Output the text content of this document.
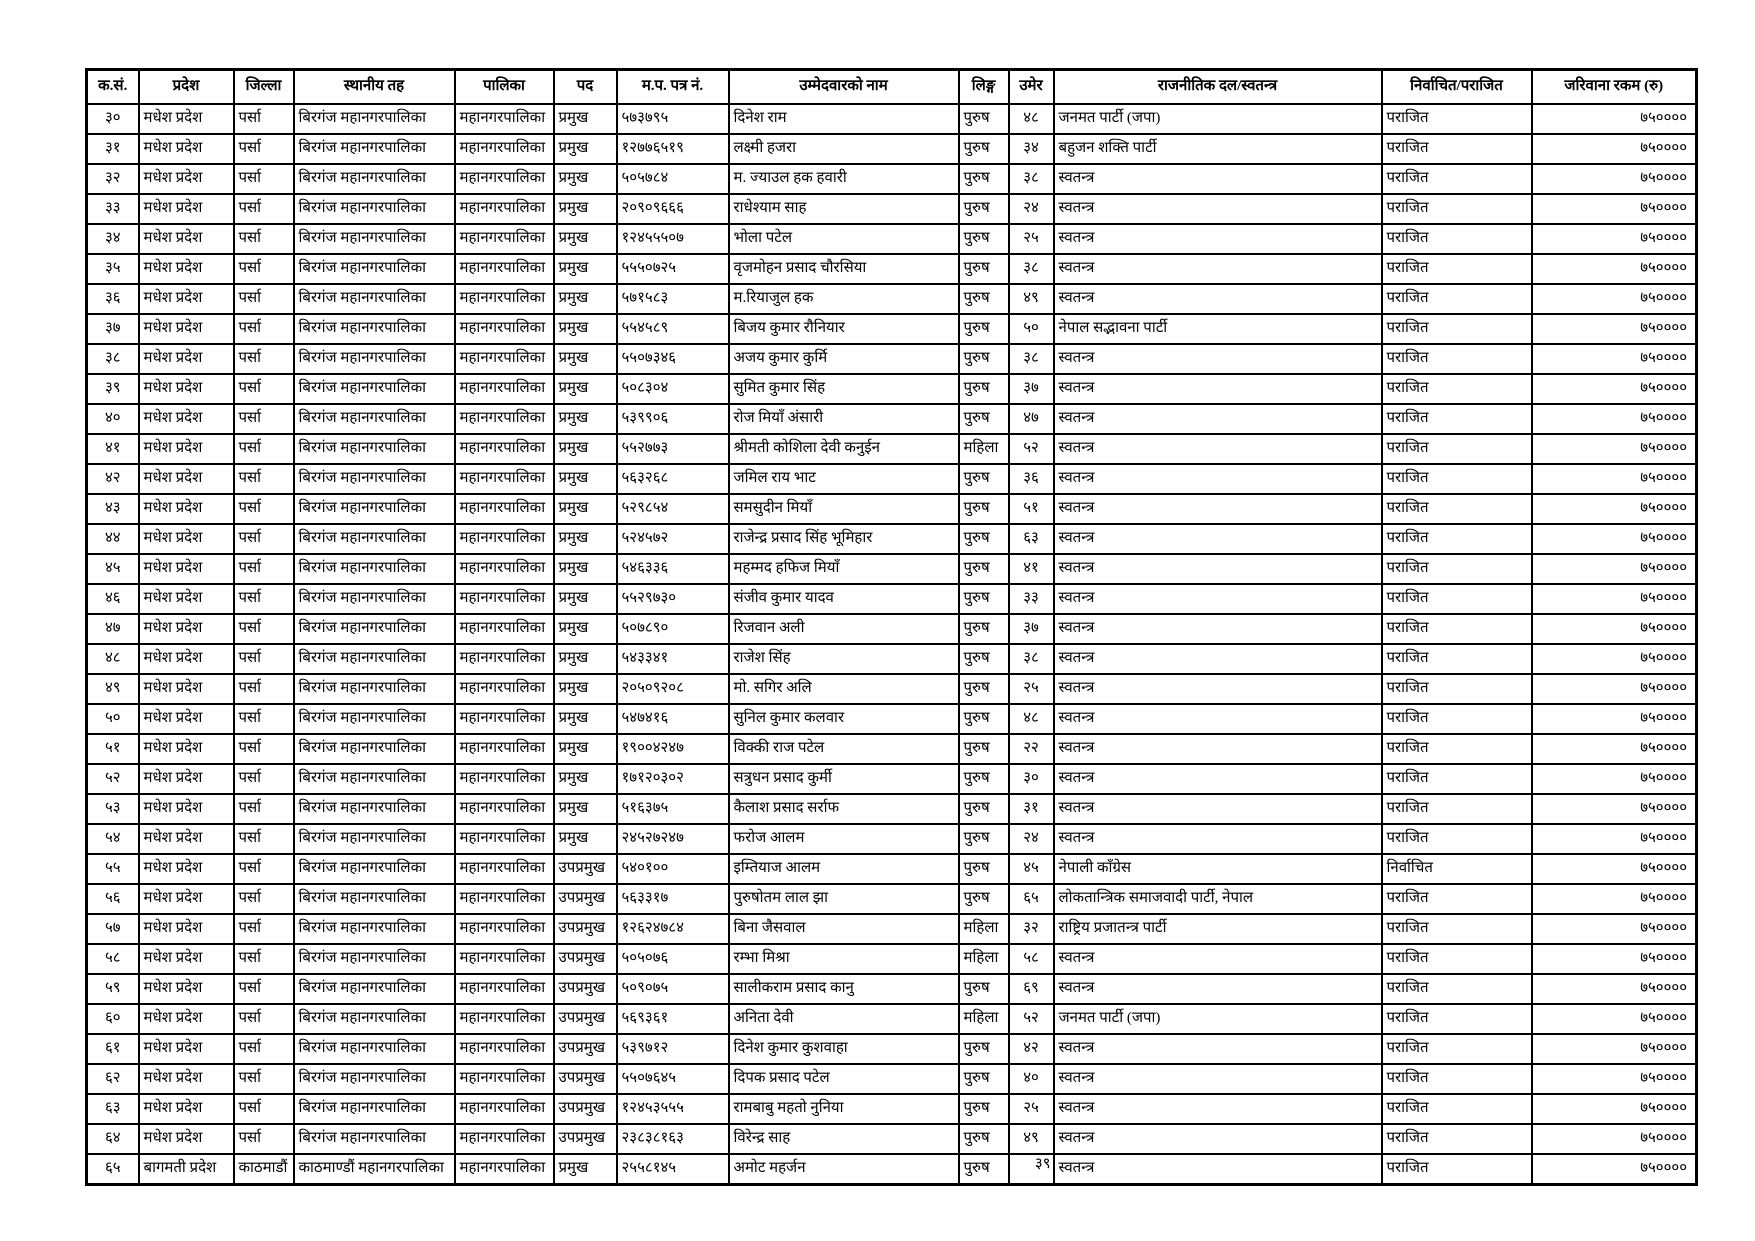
क.सं.	प्रदेश	जिल्ला	स्थानीय तह	पालिका	पद	म.प. पत्र नं.	उम्मेदवारको नाम	लिङ्ग	उमेर	राजनीतिक दल/स्वतन्त्र	निर्वाचित/पराजित	जरिवाना रकम (रु)
३०	मधेश प्रदेश	पर्सा	बिरगंज महानगरपालिका	महानगरपालिका	प्रमुख	५७३७९५	दिनेश राम	पुरुष	४८	जनमत पार्टी (जपा)	पराजित	७५००००
३१	मधेश प्रदेश	पर्सा	बिरगंज महानगरपालिका	महानगरपालिका	प्रमुख	१२७७६५१९	लक्ष्मी हजरा	पुरुष	३४	बहुजन शक्ति पार्टी	पराजित	७५००००
३२	मधेश प्रदेश	पर्सा	बिरगंज महानगरपालिका	महानगरपालिका	प्रमुख	५०५७८४	म. ज्याउल हक हवारी	पुरुष	३८	स्वतन्त्र	पराजित	७५००००
३३	मधेश प्रदेश	पर्सा	बिरगंज महानगरपालिका	महानगरपालिका	प्रमुख	२०९०९६६६	राधेश्याम साह	पुरुष	२४	स्वतन्त्र	पराजित	७५००००
३४	मधेश प्रदेश	पर्सा	बिरगंज महानगरपालिका	महानगरपालिका	प्रमुख	१२४५५५०७	भोला पटेल	पुरुष	२५	स्वतन्त्र	पराजित	७५००००
३५	मधेश प्रदेश	पर्सा	बिरगंज महानगरपालिका	महानगरपालिका	प्रमुख	५५५०७२५	वृजमोहन प्रसाद चौरसिया	पुरुष	३८	स्वतन्त्र	पराजित	७५००००
३६	मधेश प्रदेश	पर्सा	बिरगंज महानगरपालिका	महानगरपालिका	प्रमुख	५७१५८३	म.रियाजुल हक	पुरुष	४९	स्वतन्त्र	पराजित	७५००००
३७	मधेश प्रदेश	पर्सा	बिरगंज महानगरपालिका	महानगरपालिका	प्रमुख	५५४५८९	बिजय कुमार रौनियार	पुरुष	५०	नेपाल सद्भावना पार्टी	पराजित	७५००००
३८	मधेश प्रदेश	पर्सा	बिरगंज महानगरपालिका	महानगरपालिका	प्रमुख	५५०७३४६	अजय कुमार कुर्मि	पुरुष	३८	स्वतन्त्र	पराजित	७५००००
३९	मधेश प्रदेश	पर्सा	बिरगंज महानगरपालिका	महानगरपालिका	प्रमुख	५०८३०४	सुमित कुमार सिंह	पुरुष	३७	स्वतन्त्र	पराजित	७५००००
४०	मधेश प्रदेश	पर्सा	बिरगंज महानगरपालिका	महानगरपालिका	प्रमुख	५३९९०६	रोज मियाँ अंसारी	पुरुष	४७	स्वतन्त्र	पराजित	७५००००
४१	मधेश प्रदेश	पर्सा	बिरगंज महानगरपालिका	महानगरपालिका	प्रमुख	५५२७७३	श्रीमती कोशिला देवी कनुईन	महिला	५२	स्वतन्त्र	पराजित	७५००००
४२	मधेश प्रदेश	पर्सा	बिरगंज महानगरपालिका	महानगरपालिका	प्रमुख	५६३२६८	जमिल राय भाट	पुरुष	३६	स्वतन्त्र	पराजित	७५००००
४३	मधेश प्रदेश	पर्सा	बिरगंज महानगरपालिका	महानगरपालिका	प्रमुख	५२९८५४	समसुदीन मियाँ	पुरुष	५१	स्वतन्त्र	पराजित	७५००००
४४	मधेश प्रदेश	पर्सा	बिरगंज महानगरपालिका	महानगरपालिका	प्रमुख	५२४५७२	राजेन्द्र प्रसाद सिंह भूमिहार	पुरुष	६३	स्वतन्त्र	पराजित	७५००००
४५	मधेश प्रदेश	पर्सा	बिरगंज महानगरपालिका	महानगरपालिका	प्रमुख	५४६३३६	महम्मद हफिज मियाँ	पुरुष	४१	स्वतन्त्र	पराजित	७५००००
४६	मधेश प्रदेश	पर्सा	बिरगंज महानगरपालिका	महानगरपालिका	प्रमुख	५५२९७३०	संजीव कुमार यादव	पुरुष	३३	स्वतन्त्र	पराजित	७५००००
४७	मधेश प्रदेश	पर्सा	बिरगंज महानगरपालिका	महानगरपालिका	प्रमुख	५०७८९०	रिजवान अली	पुरुष	३७	स्वतन्त्र	पराजित	७५००००
४८	मधेश प्रदेश	पर्सा	बिरगंज महानगरपालिका	महानगरपालिका	प्रमुख	५४३३४१	राजेश सिंह	पुरुष	३८	स्वतन्त्र	पराजित	७५००००
४९	मधेश प्रदेश	पर्सा	बिरगंज महानगरपालिका	महानगरपालिका	प्रमुख	२०५०९२०८	मो. सगिर अलि	पुरुष	२५	स्वतन्त्र	पराजित	७५००००
५०	मधेश प्रदेश	पर्सा	बिरगंज महानगरपालिका	महानगरपालिका	प्रमुख	५४७४१६	सुनिल कुमार कलवार	पुरुष	४८	स्वतन्त्र	पराजित	७५००००
५१	मधेश प्रदेश	पर्सा	बिरगंज महानगरपालिका	महानगरपालिका	प्रमुख	१९००४२४७	विक्की राज पटेल	पुरुष	२२	स्वतन्त्र	पराजित	७५००००
५२	मधेश प्रदेश	पर्सा	बिरगंज महानगरपालिका	महानगरपालिका	प्रमुख	१७१२०३०२	सत्रुधन प्रसाद कुर्मी	पुरुष	३०	स्वतन्त्र	पराजित	७५००००
५३	मधेश प्रदेश	पर्सा	बिरगंज महानगरपालिका	महानगरपालिका	प्रमुख	५१६३७५	कैलाश प्रसाद सर्राफ	पुरुष	३१	स्वतन्त्र	पराजित	७५००००
५४	मधेश प्रदेश	पर्सा	बिरगंज महानगरपालिका	महानगरपालिका	प्रमुख	२४५२७२४७	फरोज आलम	पुरुष	२४	स्वतन्त्र	पराजित	७५००००
५५	मधेश प्रदेश	पर्सा	बिरगंज महानगरपालिका	महानगरपालिका	उपप्रमुख	५४०१००	इम्तियाज आलम	पुरुष	४५	नेपाली काँग्रेस	निर्वाचित	७५००००
५६	मधेश प्रदेश	पर्सा	बिरगंज महानगरपालिका	महानगरपालिका	उपप्रमुख	५६३३१७	पुरुषोतम लाल झा	पुरुष	६५	लोकतान्त्रिक समाजवादी पार्टी, नेपाल	पराजित	७५००००
५७	मधेश प्रदेश	पर्सा	बिरगंज महानगरपालिका	महानगरपालिका	उपप्रमुख	१२६२४७८४	बिना जैसवाल	महिला	३२	राष्ट्रिय प्रजातन्त्र पार्टी	पराजित	७५००००
५८	मधेश प्रदेश	पर्सा	बिरगंज महानगरपालिका	महानगरपालिका	उपप्रमुख	५०५०७६	रम्भा मिश्रा	महिला	५८	स्वतन्त्र	पराजित	७५००००
५९	मधेश प्रदेश	पर्सा	बिरगंज महानगरपालिका	महानगरपालिका	उपप्रमुख	५०९०७५	सालीकराम प्रसाद कानु	पुरुष	६९	स्वतन्त्र	पराजित	७५००००
६०	मधेश प्रदेश	पर्सा	बिरगंज महानगरपालिका	महानगरपालिका	उपप्रमुख	५६९३६१	अनिता देवी	महिला	५२	जनमत पार्टी (जपा)	पराजित	७५००००
६१	मधेश प्रदेश	पर्सा	बिरगंज महानगरपालिका	महानगरपालिका	उपप्रमुख	५३९७१२	दिनेश कुमार कुशवाहा	पुरुष	४२	स्वतन्त्र	पराजित	७५००००
६२	मधेश प्रदेश	पर्सा	बिरगंज महानगरपालिका	महानगरपालिका	उपप्रमुख	५५०७६४५	दिपक प्रसाद पटेल	पुरुष	४०	स्वतन्त्र	पराजित	७५००००
६३	मधेश प्रदेश	पर्सा	बिरगंज महानगरपालिका	महानगरपालिका	उपप्रमुख	१२४५३५५५	रामबाबु महतो नुनिया	पुरुष	२५	स्वतन्त्र	पराजित	७५००००
६४	मधेश प्रदेश	पर्सा	बिरगंज महानगरपालिका	महानगरपालिका	उपप्रमुख	२३८३८१६३	विरेन्द्र साह	पुरुष	४९	स्वतन्त्र	पराजित	७५००००
६५	बागमती प्रदेश	काठमाडौं	काठमाण्डौं महानगरपालिका	महानगरपालिका	प्रमुख	२५५८१४५	अमोट महर्जन	पुरुष	३९	स्वतन्त्र	पराजित	७५००००
